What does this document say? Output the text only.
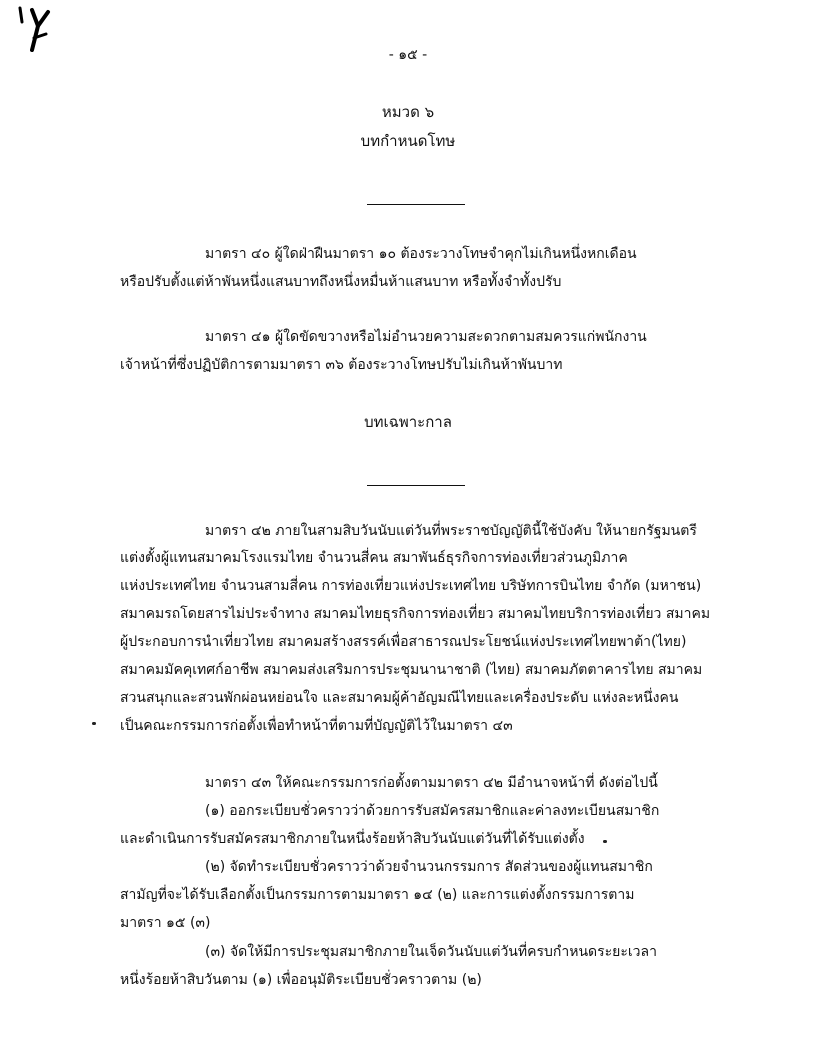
- ๑๕ -
หมวด ๖
บทกำหนดโทษ
มาตรา ๔๐ ผู้ใดฝ่าฝืนมาตรา ๑๐ ต้องระวางโทษจำคุกไม่เกินหนึ่งหกเดือน
หรือปรับตั้งแต่ห้าพันหนึ่งแสนบาทถึงหนึ่งหมื่นห้าแสนบาท หรือทั้งจำทั้งปรับ
มาตรา ๔๑ ผู้ใดขัดขวางหรือไม่อำนวยความสะดวกตามสมควรแก่พนักงาน
เจ้าหน้าที่ซึ่งปฏิบัติการตามมาตรา ๓๖ ต้องระวางโทษปรับไม่เกินห้าพันบาท
บทเฉพาะกาล
มาตรา ๔๒ ภายในสามสิบวันนับแต่วันที่พระราชบัญญัตินี้ใช้บังคับ ให้นายกรัฐมนตรี
แต่งตั้งผู้แทนสมาคมโรงแรมไทย จำนวนสี่คน สมาพันธ์ธุรกิจการท่องเที่ยวส่วนภูมิภาค
แห่งประเทศไทย จำนวนสามสี่คน การท่องเที่ยวแห่งประเทศไทย บริษัทการบินไทย จำกัด (มหาชน)
สมาคมรถโดยสารไม่ประจำทาง สมาคมไทยธุรกิจการท่องเที่ยว สมาคมไทยบริการท่องเที่ยว สมาคม
ผู้ประกอบการนำเที่ยวไทย สมาคมสร้างสรรค์เพื่อสาธารณประโยชน์แห่งประเทศไทยพาต้า(ไทย)
สมาคมมัคคุเทศก์อาชีพ สมาคมส่งเสริมการประชุมนานาชาติ (ไทย) สมาคมภัตตาคารไทย สมาคม
สวนสนุกและสวนพักผ่อนหย่อนใจ และสมาคมผู้ค้าอัญมณีไทยและเครื่องประดับ แห่งละหนึ่งคน
เป็นคณะกรรมการก่อตั้งเพื่อทำหน้าที่ตามที่บัญญัติไว้ในมาตรา ๔๓
มาตรา ๔๓ ให้คณะกรรมการก่อตั้งตามมาตรา ๔๒ มีอำนาจหน้าที่ ดังต่อไปนี้
(๑) ออกระเบียบชั่วคราวว่าด้วยการรับสมัครสมาชิกและค่าลงทะเบียนสมาชิก
และดำเนินการรับสมัครสมาชิกภายในหนึ่งร้อยห้าสิบวันนับแต่วันที่ได้รับแต่งตั้ง
(๒) จัดทำระเบียบชั่วคราวว่าด้วยจำนวนกรรมการ สัดส่วนของผู้แทนสมาชิก
สามัญที่จะได้รับเลือกตั้งเป็นกรรมการตามมาตรา ๑๔ (๒) และการแต่งตั้งกรรมการตาม
มาตรา ๑๕ (๓)
(๓) จัดให้มีการประชุมสมาชิกภายในเจ็ดวันนับแต่วันที่ครบกำหนดระยะเวลา
หนึ่งร้อยห้าสิบวันตาม (๑) เพื่ออนุมัติระเบียบชั่วคราวตาม (๒)
